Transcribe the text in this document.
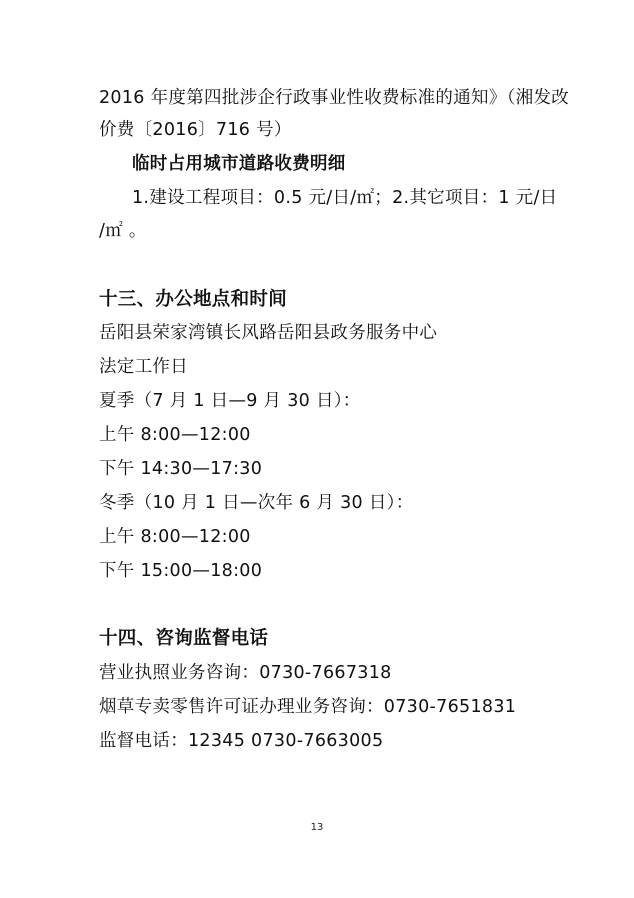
2016 年度第四批涉企行政事业性收费标准的通知》（湘发改
价费〔2016〕716 号）
临时占用城市道路收费明细
1.建设工程项目：0.5 元/日/㎡；2.其它项目：1 元/日
/㎡ 。
十三、办公地点和时间
岳阳县荣家湾镇长风路岳阳县政务服务中心
法定工作日
夏季（7 月 1 日—9 月 30 日）：
上午 8:00—12:00
下午 14:30—17:30
冬季（10 月 1 日—次年 6 月 30 日）：
上午 8:00—12:00
下午 15:00—18:00
十四、咨询监督电话
营业执照业务咨询：0730-7667318
烟草专卖零售许可证办理业务咨询：0730-7651831
监督电话：12345 0730-7663005
13
